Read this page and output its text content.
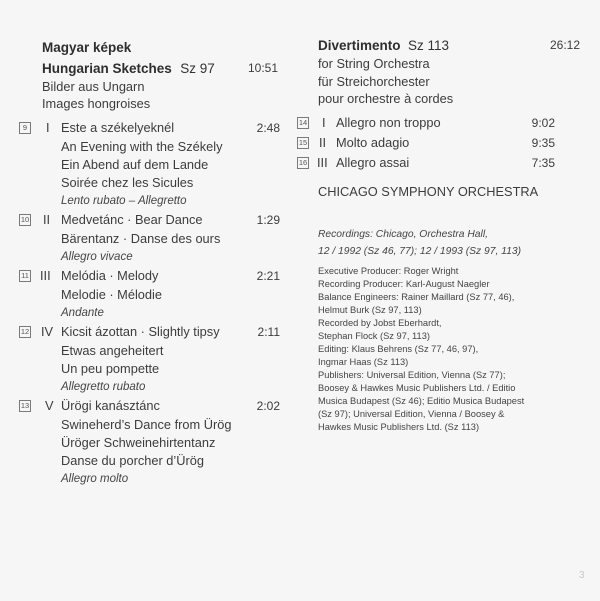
Magyar képek
Hungarian Sketches Sz 97	10:51
Bilder aus Ungarn
Images hongroises
9	I Este a székelyeknél	2:48
An Evening with the Székely
Ein Abend auf dem Lande
Soirée chez les Sicules
Lento rubato – Allegretto
10 II Medvetánc · Bear Dance	1:29
Bärentanz · Danse des ours
Allegro vivace
11 III Melódia · Melody	2:21
Melodie · Mélodie
Andante
12 IV Kicsit ázottan · Slightly tipsy	2:11
Etwas angeheitert
Un peu pompette
Allegretto rubato
13 V Ürögi kanásztánc	2:02
Swineherd’s Dance from Ürög
Üröger Schweinehirtentanz
Danse du porcher d’Ürög
Allegro molto
Divertimento Sz 113	26:12
for String Orchestra
für Streichorchester
pour orchestre à cordes
14 I Allegro non troppo	9:02
15 II Molto adagio	9:35
16 III Allegro assai	7:35
CHICAGO SYMPHONY ORCHESTRA
Recordings: Chicago, Orchestra Hall,
12 / 1992 (Sz 46, 77); 12 / 1993 (Sz 97, 113)
Executive Producer: Roger Wright
Recording Producer: Karl-August Naegler
Balance Engineers: Rainer Maillard (Sz 77, 46),
Helmut Burk (Sz 97, 113)
Recorded by Jobst Eberhardt,
Stephan Flock (Sz 97, 113)
Editing: Klaus Behrens (Sz 77, 46, 97),
Ingmar Haas (Sz 113)
Publishers: Universal Edition, Vienna (Sz 77);
Boosey & Hawkes Music Publishers Ltd. / Editio
Musica Budapest (Sz 46); Editio Musica Budapest
(Sz 97); Universal Edition, Vienna / Boosey &
Hawkes Music Publishers Ltd. (Sz 113)
3
